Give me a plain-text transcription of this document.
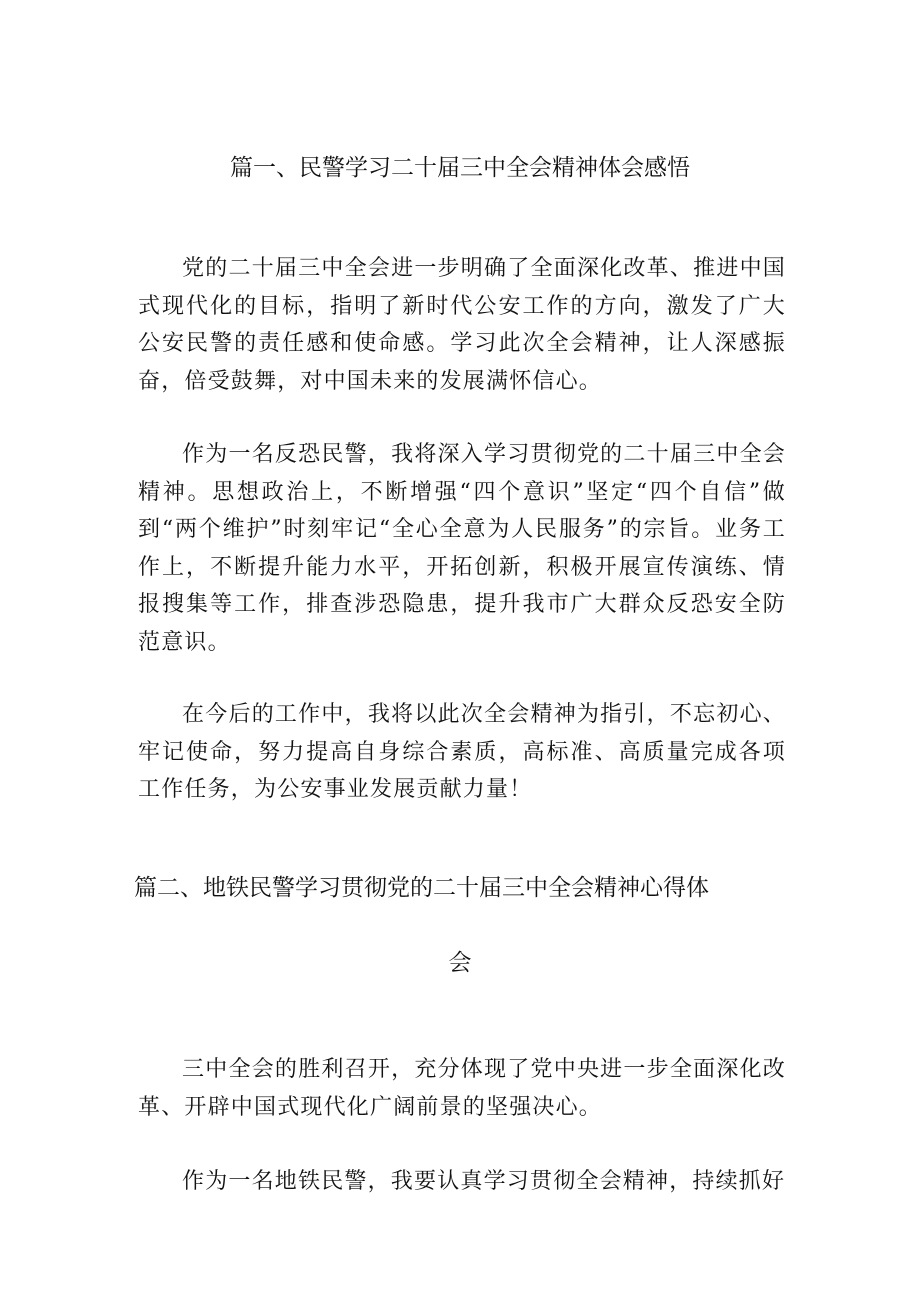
篇一、民警学习二十届三中全会精神体会感悟

党的二十届三中全会进一步明确了全面深化改革、推进中国式现代化的目标，指明了新时代公安工作的方向，激发了广大公安民警的责任感和使命感。学习此次全会精神，让人深感振奋，倍受鼓舞，对中国未来的发展满怀信心。

作为一名反恐民警，我将深入学习贯彻党的二十届三中全会精神。思想政治上，不断增强“四个意识”坚定“四个自信”做到“两个维护”时刻牢记“全心全意为人民服务”的宗旨。业务工作上，不断提升能力水平，开拓创新，积极开展宣传演练、情报搜集等工作，排查涉恐隐患，提升我市广大群众反恐安全防范意识。

在今后的工作中，我将以此次全会精神为指引，不忘初心、牢记使命，努力提高自身综合素质，高标准、高质量完成各项工作任务，为公安事业发展贡献力量！

篇二、地铁民警学习贯彻党的二十届三中全会精神心得体
会

三中全会的胜利召开，充分体现了党中央进一步全面深化改革、开辟中国式现代化广阔前景的坚强决心。

作为一名地铁民警，我要认真学习贯彻全会精神，持续抓好
